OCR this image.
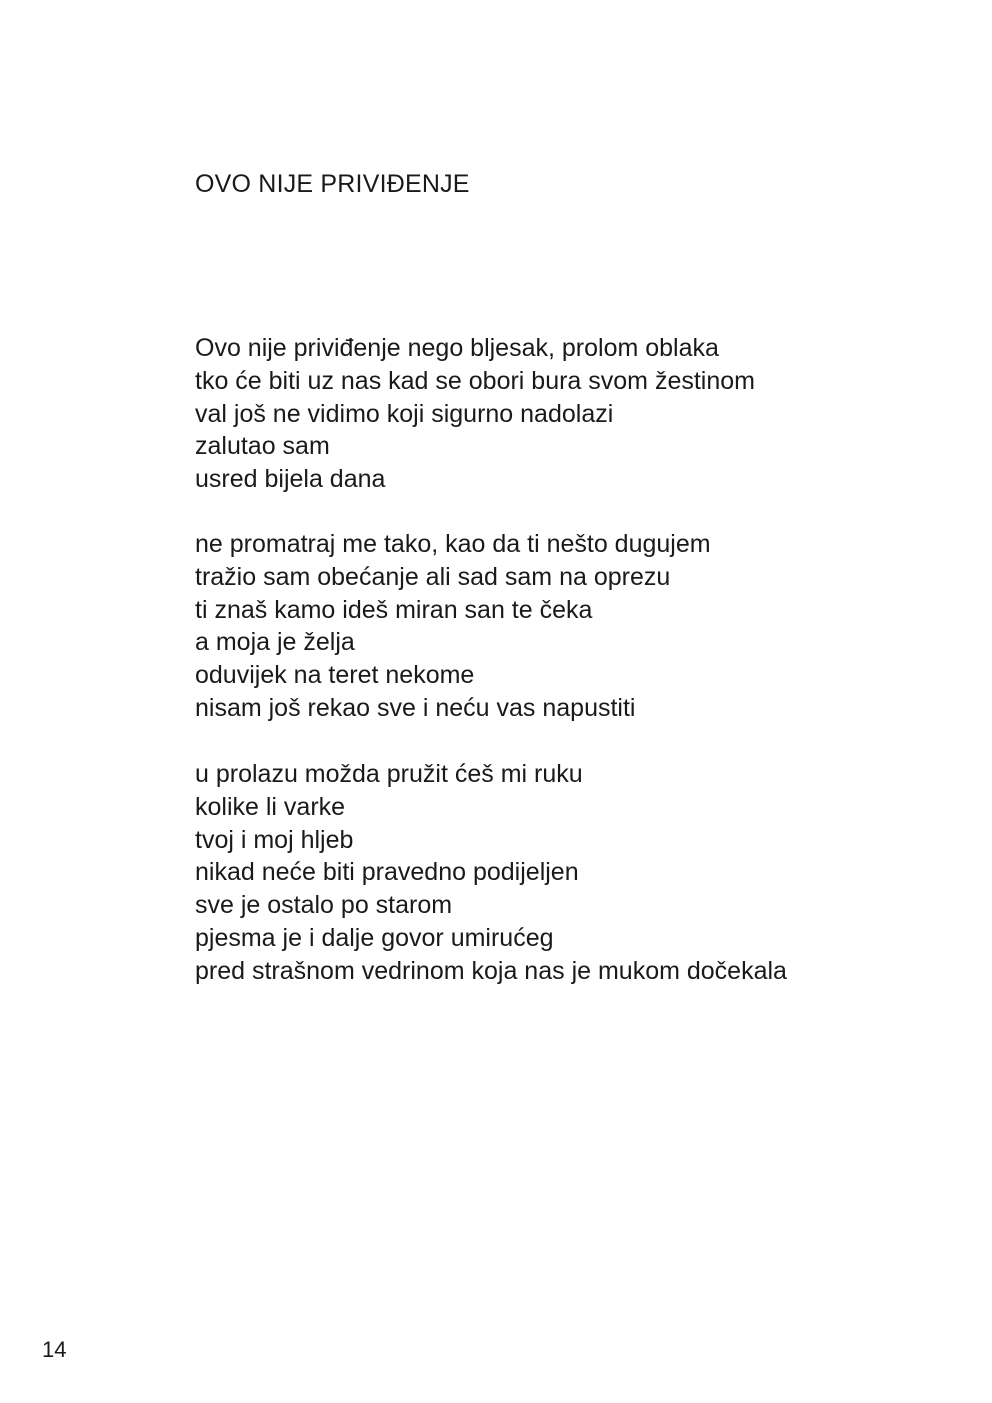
OVO NIJE PRIVIĐENJE
Ovo nije priviđenje nego bljesak, prolom oblaka
tko će biti uz nas kad se obori bura svom žestinom
val još ne vidimo koji sigurno nadolazi
zalutao sam
usred bijela dana
ne promatraj me tako, kao da ti nešto dugujem
tražio sam obećanje ali sad sam na oprezu
ti znaš kamo ideš miran san te čeka
a moja je želja
oduvijek na teret nekome
nisam još rekao sve i neću vas napustiti
u prolazu možda pružit ćeš mi ruku
kolike li varke
tvoj i moj hljeb
nikad neće biti pravedno podijeljen
sve je ostalo po starom
pjesma je i dalje govor umirućeg
pred strašnom vedrinom koja nas je mukom dočekala
14
